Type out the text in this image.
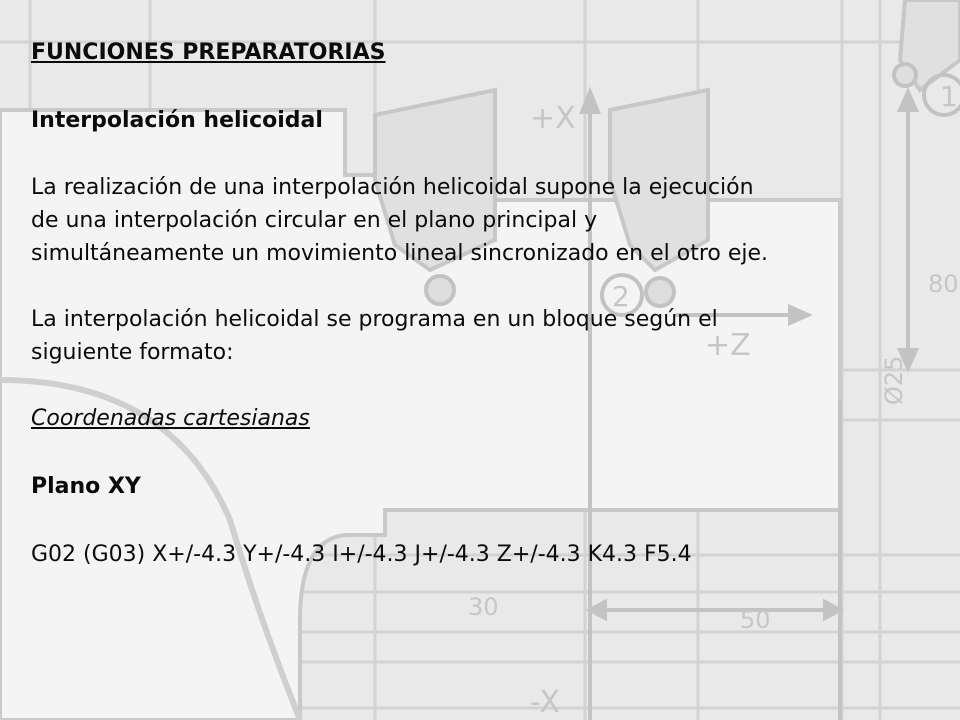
+X
-X
+Z
80
30	50
1
2
Ø25
FUNCIONES PREPARATORIAS
Interpolación helicoidal
La realización de una interpolación helicoidal supone la ejecución
de una interpolación circular en el plano principal y
simultáneamente un movimiento lineal sincronizado en el otro eje.
La interpolación helicoidal se programa en un bloque según el
siguiente formato:
Coordenadas cartesianas
Plano XY
G02 (G03) X+/-4.3 Y+/-4.3 I+/-4.3 J+/-4.3 Z+/-4.3 K4.3 F5.4
